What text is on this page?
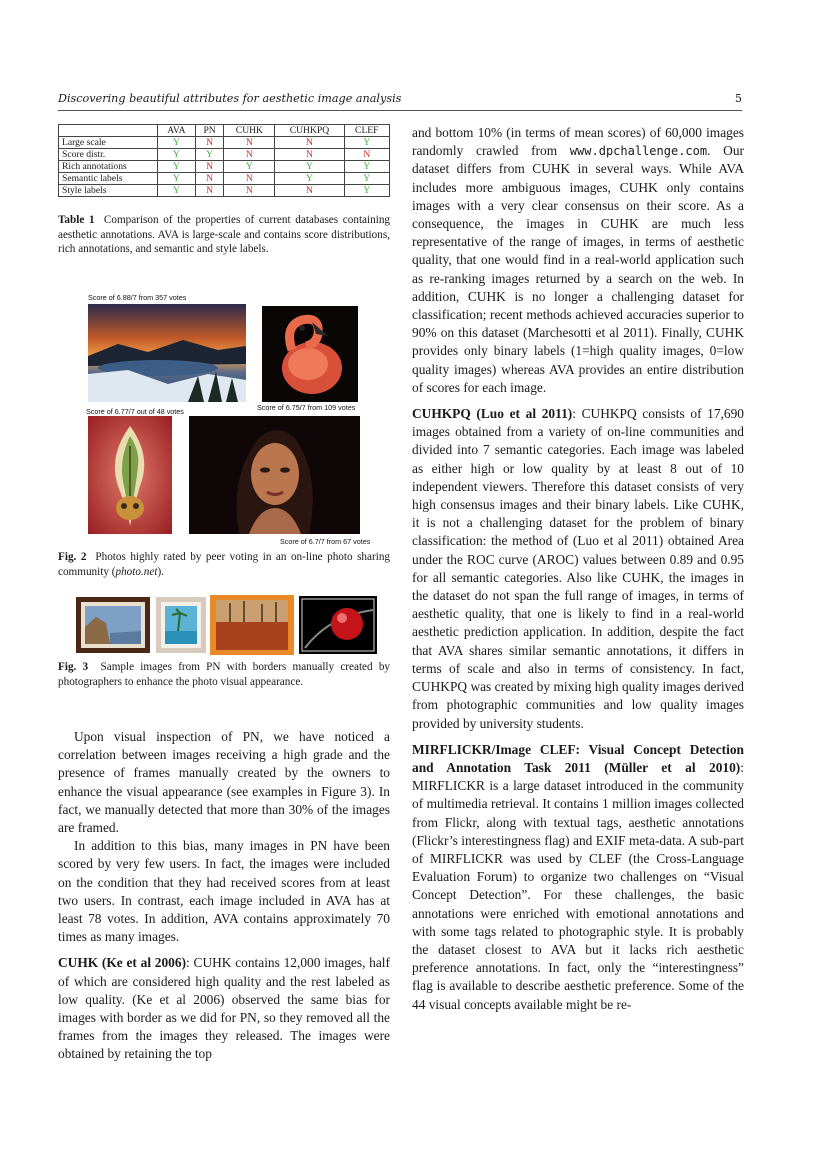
Discovering beautiful attributes for aesthetic image analysis	5
	AVA	PN	CUHK	CUHKPQ	CLEF
Large scale	Y	N	N	N	Y
Score distr.	Y	Y	N	N	N
Rich annotations	Y	N	Y	Y	Y
Semantic labels	Y	N	N	Y	Y
Style labels	Y	N	N	N	Y
Table 1 Comparison of the properties of current databases containing aesthetic annotations. AVA is large-scale and contains score distributions, rich annotations, and semantic and style labels.
Score of 6.88/7 from 357 votes
Score of 6.77/7 out of 48 votes	Score of 6.75/7 from 109 votes
Score of 6.7/7 from 67 votes
Fig. 2 Photos highly rated by peer voting in an on-line photo sharing community (photo.net).
Fig. 3 Sample images from PN with borders manually created by photographers to enhance the photo visual appearance.

Upon visual inspection of PN, we have noticed a correlation between images receiving a high grade and the presence of frames manually created by the owners to enhance the visual appearance (see examples in Figure 3). In fact, we manually detected that more than 30% of the images are framed.

In addition to this bias, many images in PN have been scored by very few users. In fact, the images were included on the condition that they had received scores from at least two users. In contrast, each image included in AVA has at least 78 votes. In addition, AVA contains approximately 70 times as many images.

CUHK (Ke et al 2006): CUHK contains 12,000 images, half of which are considered high quality and the rest labeled as low quality. (Ke et al 2006) observed the same bias for images with border as we did for PN, so they removed all the frames from the images they released. The images were obtained by retaining the top

and bottom 10% (in terms of mean scores) of 60,000 images randomly crawled from www.dpchallenge.com. Our dataset differs from CUHK in several ways. While AVA includes more ambiguous images, CUHK only contains images with a very clear consensus on their score. As a consequence, the images in CUHK are much less representative of the range of images, in terms of aesthetic quality, that one would find in a real-world application such as re-ranking images returned by a search on the web. In addition, CUHK is no longer a challenging dataset for classification; recent methods achieved accuracies superior to 90% on this dataset (Marchesotti et al 2011). Finally, CUHK provides only binary labels (1=high quality images, 0=low quality images) whereas AVA provides an entire distribution of scores for each image.

CUHKPQ (Luo et al 2011): CUHKPQ consists of 17,690 images obtained from a variety of on-line communities and divided into 7 semantic categories. Each image was labeled as either high or low quality by at least 8 out of 10 independent viewers. Therefore this dataset consists of very high consensus images and their binary labels. Like CUHK, it is not a challenging dataset for the problem of binary classification: the method of (Luo et al 2011) obtained Area under the ROC curve (AROC) values between 0.89 and 0.95 for all semantic categories. Also like CUHK, the images in the dataset do not span the full range of images, in terms of aesthetic quality, that one is likely to find in a real-world aesthetic prediction application. In addition, despite the fact that AVA shares similar semantic annotations, it differs in terms of scale and also in terms of consistency. In fact, CUHKPQ was created by mixing high quality images derived from photographic communities and low quality images provided by university students.

MIRFLICKR/Image CLEF: Visual Concept Detection and Annotation Task 2011 (Müller et al 2010): MIRFLICKR is a large dataset introduced in the community of multimedia retrieval. It contains 1 million images collected from Flickr, along with textual tags, aesthetic annotations (Flickr’s interestingness flag) and EXIF meta-data. A sub-part of MIRFLICKR was used by CLEF (the Cross-Language Evaluation Forum) to organize two challenges on “Visual Concept Detection”. For these challenges, the basic annotations were enriched with emotional annotations and with some tags related to photographic style. It is probably the dataset closest to AVA but it lacks rich aesthetic preference annotations. In fact, only the “interestingness” flag is available to describe aesthetic preference. Some of the 44 visual concepts available might be re-
